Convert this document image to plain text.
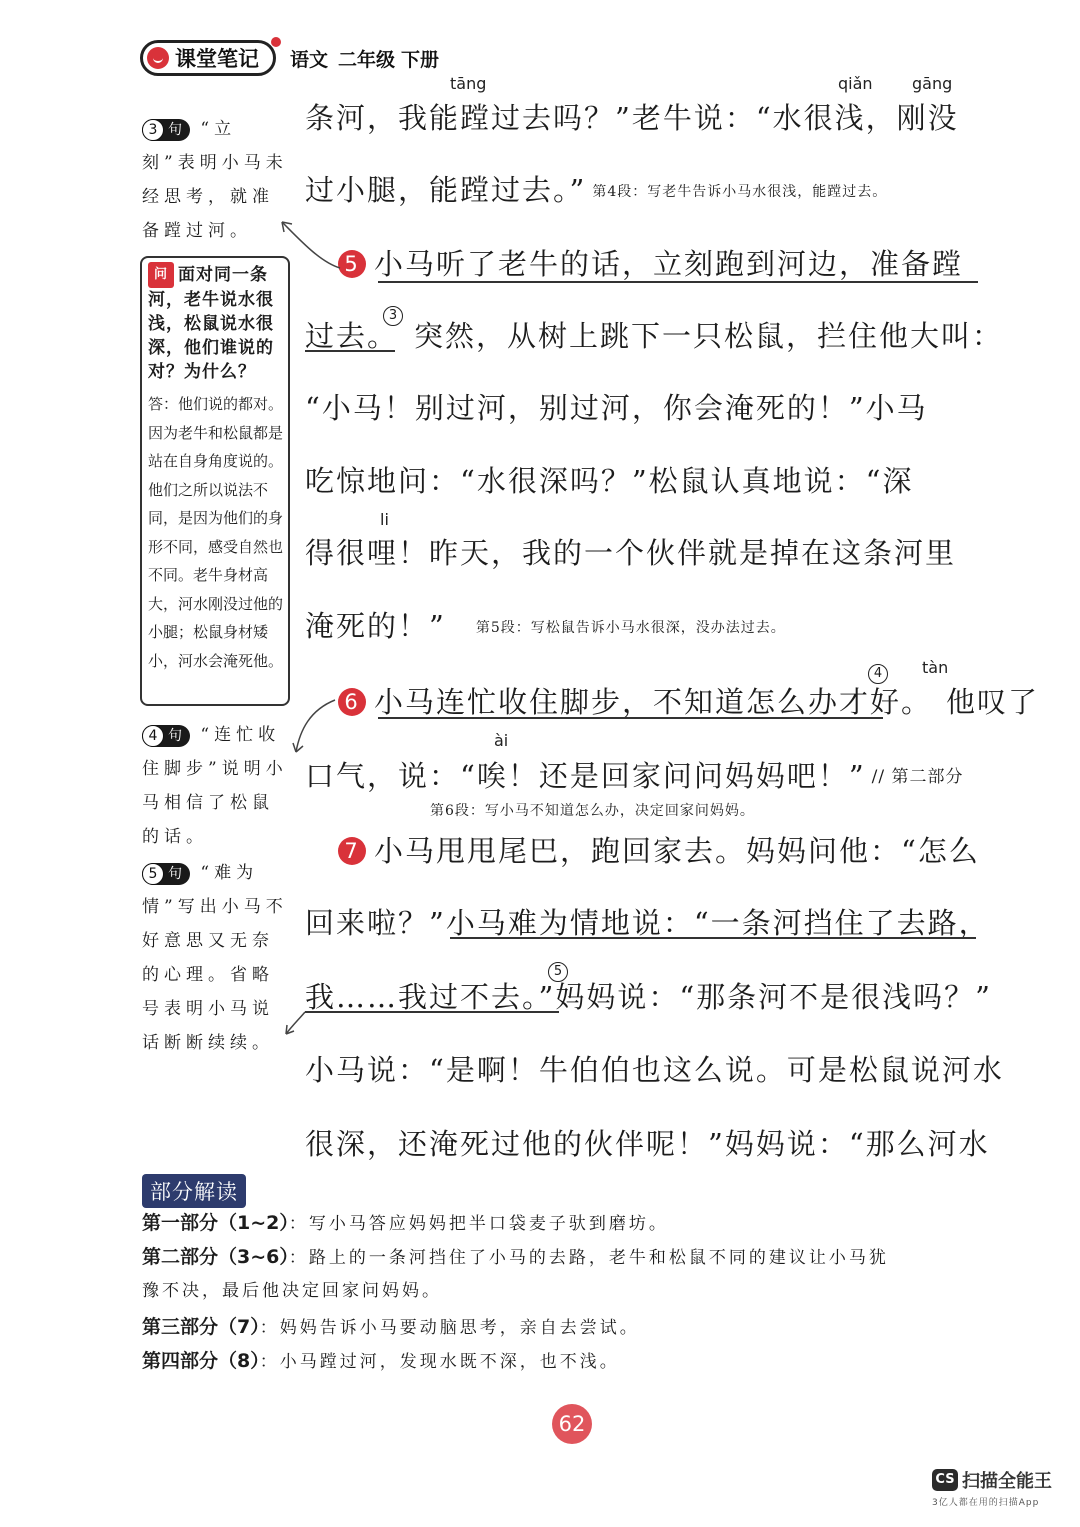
课堂笔记 语文 二年级 下册
tāng	qiǎn gāng
li
tàn
ài
条河，我能蹚过去吗？”老牛说：“水很浅，刚没
过小腿，能蹚过去。” 第4段：写老牛告诉小马水很浅，能蹚过去。
5 小马听了老牛的话，立刻跑到河边，准备蹚
过去。 突然，从树上跳下一只松鼠，拦住他大叫：
3
“小马！别过河，别过河，你会淹死的！”小马
吃惊地问：“水很深吗？”松鼠认真地说：“深
得很哩！昨天，我的一个伙伴就是掉在这条河里
淹死的！” 第5段：写松鼠告诉小马水很深，没办法过去。
6 小马连忙收住脚步，不知道怎么办才好。 他叹了
4
口气，说：“唉！还是回家问问妈妈吧！” // 第二部分
第6段：写小马不知道怎么办，决定回家问妈妈。
7 小马甩甩尾巴，跑回家去。妈妈问他：“怎么
回来啦？”小马难为情地说：“一条河挡住了去路，
我……我过不去。”妈妈说：“那条河不是很浅吗？”
5
小马说：“是啊！牛伯伯也这么说。可是松鼠说河水
很深，还淹死过他的伙伴呢！”妈妈说：“那么河水
3 句 “立刻”表明小马未经思考，就准备蹚过河。
问 面对同一条河，老牛说水很浅，松鼠说水很深，他们谁说的对？为什么？
答：他们说的都对。因为老牛和松鼠都是站在自身角度说的。他们之所以说法不同，是因为他们的身形不同，感受自然也不同。老牛身材高大，河水刚没过他的小腿；松鼠身材矮小，河水会淹死他。
4 句 “连忙收住脚步”说明小马相信了松鼠的话。
5 句 “难为情”写出小马不好意思又无奈的心理。省略号表明小马说话断断续续。
部分解读
第一部分（1~2）：写小马答应妈妈把半口袋麦子驮到磨坊。
第二部分（3~6）：路上的一条河挡住了小马的去路，老牛和松鼠不同的建议让小马犹
豫不决，最后他决定回家问妈妈。
第三部分（7）：妈妈告诉小马要动脑思考，亲自去尝试。
第四部分（8）：小马蹚过河，发现水既不深，也不浅。
62
CS 扫描全能王
3亿人都在用的扫描App
